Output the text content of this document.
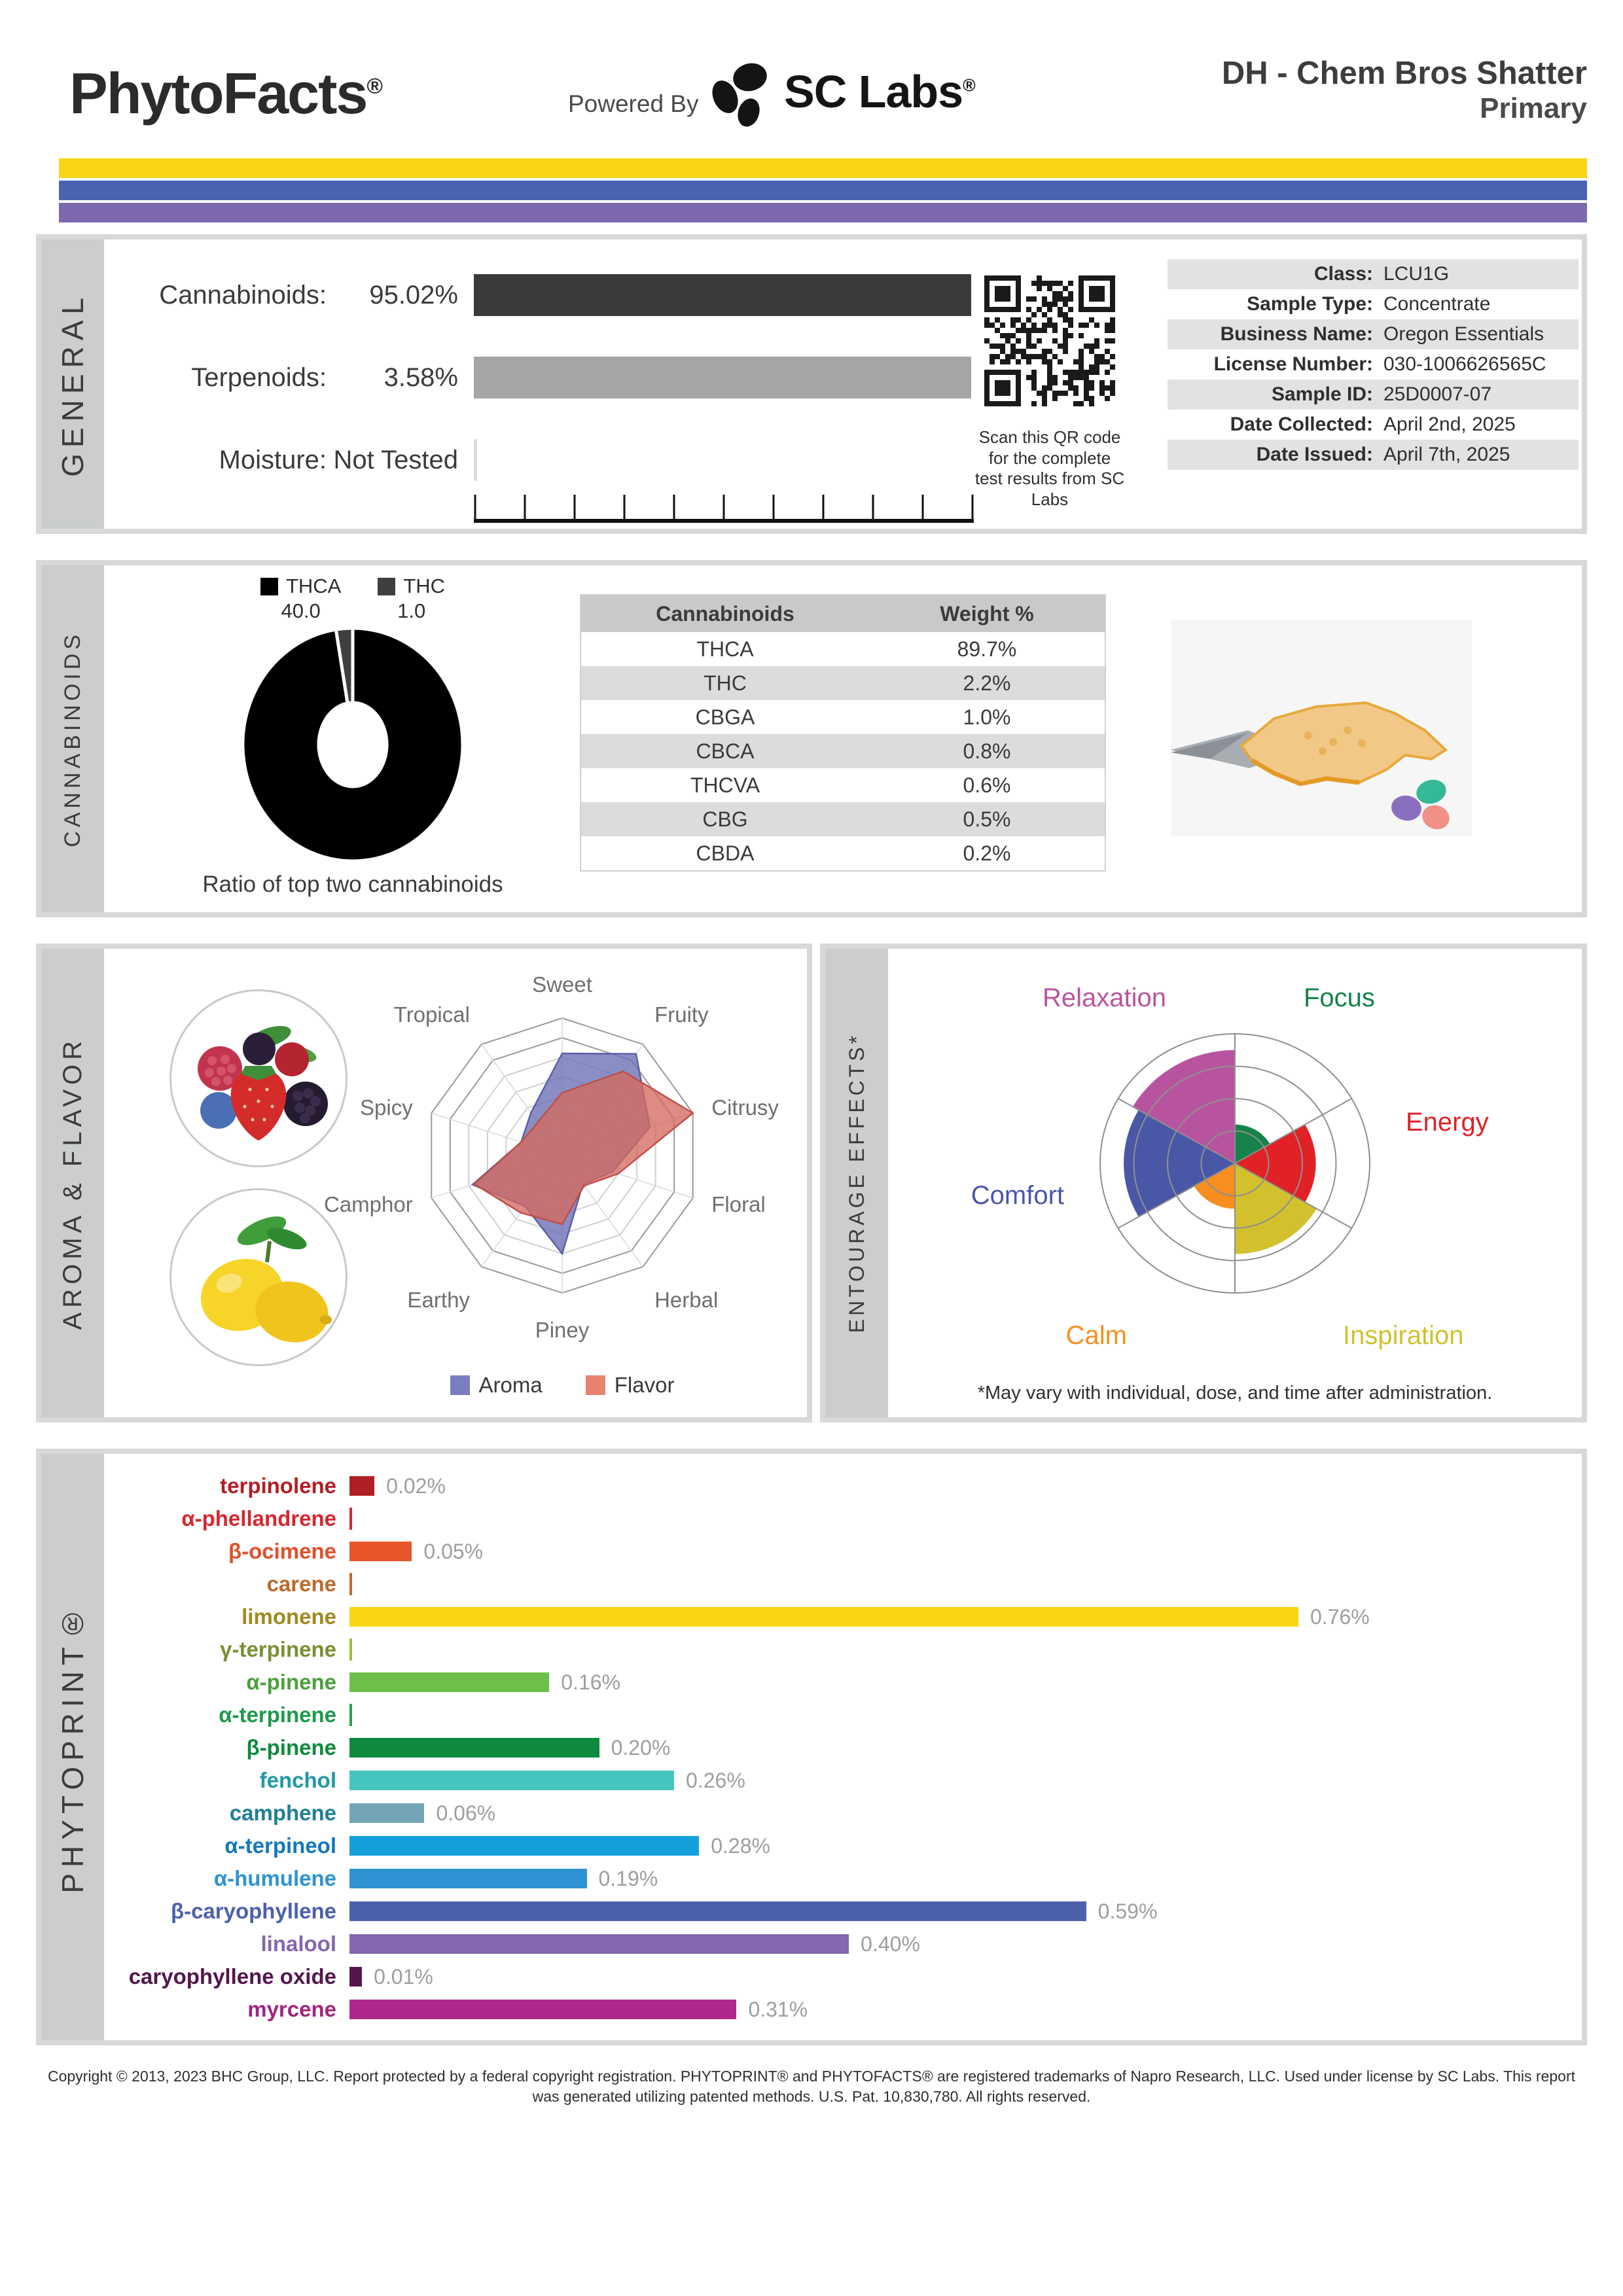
PhytoFacts®
Powered By SC Labs®	DH - Chem Bros Shatter
Primary
GENERAL	Cannabinoids:	95.02%
Terpenoids:	3.58%
Moisture: Not Tested
Scan this QR code for the complete test results from SC Labs
Class: LCU1G
Sample Type: Concentrate
Business Name: Oregon Essentials
License Number: 030-1006626565C
Sample ID: 25D0007-07
Date Collected: April 2nd, 2025
Date Issued: April 7th, 2025
CANNABINOIDS
THCA
40.0
THC
1.0
Ratio of top two cannabinoids
Cannabinoids	Weight %
THCA	89.7%
THC	2.2%
CBGA	1.0%
CBCA	0.8%
THCVA	0.6%
CBG	0.5%
CBDA	0.2%
AROMA & FLAVOR
Sweet
Fruity
Citrusy
Floral
Herbal
Piney
Earthy
Camphor
Spicy
Tropical
Aroma	Flavor
ENTOURAGE EFFECTS*
Relaxation	Focus
Energy
Inspiration
Calm
Comfort
*May vary with individual, dose, and time after administration.
PHYTOPRINT®
terpinolene	0.02%
α-phellandrene
β-ocimene	0.05%
carene
limonene	0.76%
γ-terpinene
α-pinene	0.16%
α-terpinene
β-pinene	0.20%
fenchol	0.26%
camphene	0.06%
α-terpineol	0.28%
α-humulene	0.19%
β-caryophyllene	0.59%
linalool	0.40%
caryophyllene oxide	0.01%
myrcene	0.31%
Copyright © 2013, 2023 BHC Group, LLC. Report protected by a federal copyright registration. PHYTOPRINT® and PHYTOFACTS® are registered trademarks of Napro Research, LLC. Used under license by SC Labs. This report
was generated utilizing patented methods. U.S. Pat. 10,830,780. All rights reserved.
